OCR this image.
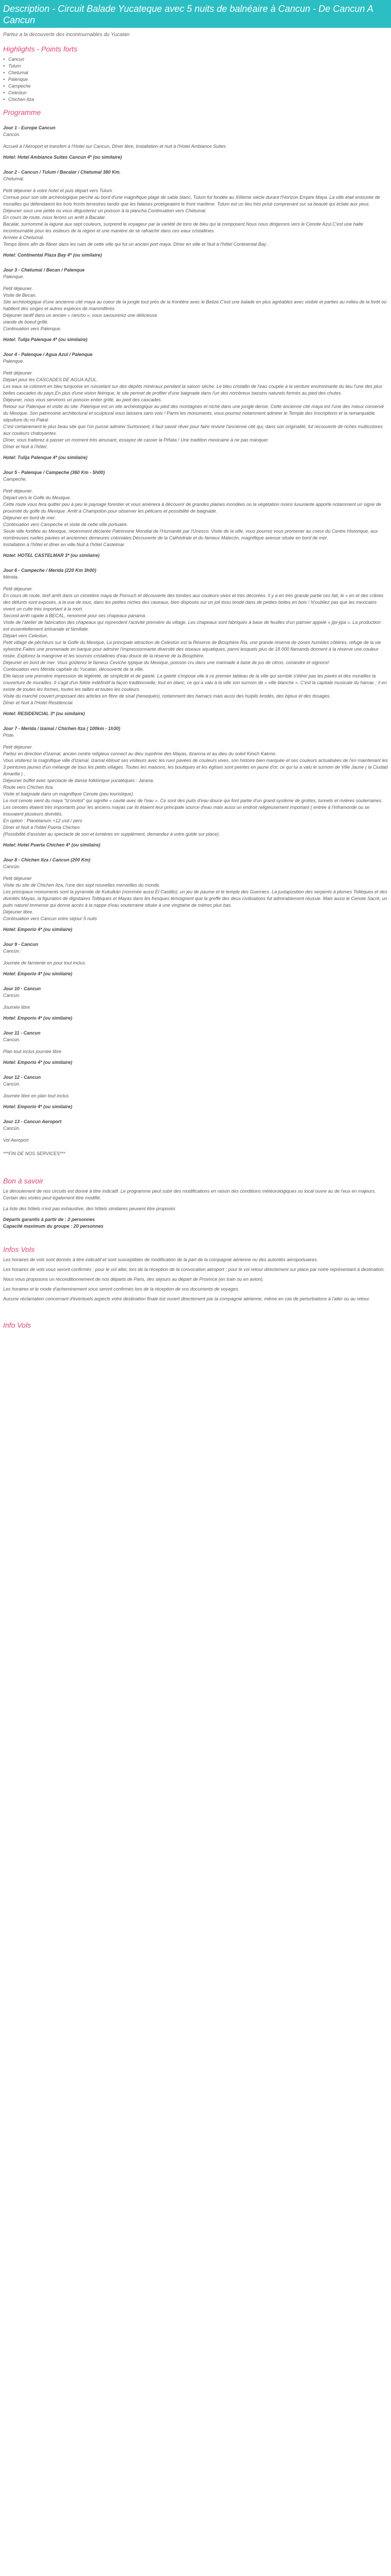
Description - Circuit Balade Yucateque avec 5 nuits de balnéaire à Cancun - De Cancun A Cancun
Partez a la decouverte des incontournables du Yucatan
Highlights - Points forts
• Cancun
• Tulum
• Chetumal
• Palenque
• Campeche
• Celestun
• Chichen Itza
Programme
Jour 1 - Europe Cancun
Cancún.

Accueil à l'Aéroport et transfert à l'Hotel sur Cancun, Dîner libre, Installation et nuit à l'Hotel Ambiance Suites

Hotel: Hotel Ambiance Suites Cancun 4* (ou similaire)
Jour 2 - Cancun / Tulum / Bacalar / Chetumal 380 Km.
Chetumal.

Petit déjeuner à votre hotel et puis départ vers Tulum.
Connue pour son site archéologique perché au bord d'une magnifique plage de sable blanc, Tulum fut fondée au XIIIème siècle durant l'Horizon Empire Maya. La ville était entourée de murailles qui défendaient les trois fronts terrestres tandis que les falaises protégeaient le front maritime. Tulum est un lieu très prisé comprenant sur sa beauté qui éclate aux yeux. Déjeuner sous une petite où vous dégusterez un poisson à la plancha.Continuation vers Chetumal.
En cours de route, nous ferons un arrêt à Bacalar.
Bacalar, surnommé la lagune aux sept couleurs, surprend le voyageur par la variété de tons de bleu qui la composent.Nous nous dirigerons vers le Cenote Azul.C'est une halte incontournable pour les visiteurs de la région et une manière de se rafraichir dans ces eaux cristallines.
Arrivée à Chetumal.
Temps libres afin de flâner dans les rues de cette ville qui fut un ancien port maya. Dîner en ville et Nuit à l'hôtel Continental Bay .

Hotel: Continental Plaza Bay 4* (ou similaire)
Jour 3 - Chetumal / Becan / Palenque
Palenque.

Petit déjeuner.
Visite de Becan.
Site archéologique d'une ancienne cité maya au coeur de la jungle tout près de la frontière avec le Belize.C'est une balade en plus agréables avec visible et parties au milieu de la forêt où habitent des singes et autres espèces de mammifères.
Déjeuner tardif dans un ancien « rancho », vous savourerez une délicieuse
viande de boeuf grillé.
Continuation vers Palenque.

Hotel: Tulija Palenque 4* (ou similaire)
Jour 4 - Palenque / Agua Azul / Palenque
Palenque.

Petit déjeuner.
Départ pour les CASCADES DE AGUA AZUL.
Les eaux se colorent en bleu turquoise en ruisselant sur des dépôts minéraux pendant la saison sèche. Le bleu cristallin de l'eau coupée à la verdure environnante du lieu l'une des plus belles cascades du pays.En plus d'une vision féérique, le site permet de profiter d'une baignade dans l'un des nombreux bassins naturels formés au pied des chutes.
Déjeuner, nous vous servirons un poisson entier grillé, au pied des cascades.
Retour sur Palenque et visite du site. Palenque est un site archéologique au pied des montagnes et niché dans une jungle dense. Cette ancienne cité maya est l'une des mieux conservé du Mexique. Son patrimoine architectural et sculptural vous laissera sans voix ! Parmi les monuments, vous pourrez notamment admirer le Temple des Inscriptions et la remarquable sépulture du roi Pakal.
C'est certainement le plus beau site que l'on puisse admirer.Surtonnent, il faut savoir rêver pour faire revivre l'ancienne cité qui, dans son originalité, fut recouverte de riches multicolores aux couleurs chatoyantes.
Dîner, vous traiterez à passer un moment très amusant, essayez de casser la Piñata ! Une tradition mexicaine à ne pas manquer.
Dîner et Nuit à l'hôtel.

Hotel: Tulija Palenque 4* (ou similaire)
Jour 5 - Palenque / Campeche (360 Km - 5h00)
Campeche.

Petit déjeuner.
Départ vers le Golfe du Mexique.
Cette route vous fera quitter peu à peu le paysage forestier et vous amènera à découvrir de grandes plaines inondées où la végétation moins luxuriante apporte notamment un signe de proximité du golfe du Mexique. Arrêt à Champoton pour observer les pélicans et possibilité de baignade.
Déjeuner en bord de mer.
Continuation vers Campeche et visite de cette ville portuaire.
Seule ville fortifiée au Mexique, récemment déclarée Patrimoine Mondial de l'Humanité par l'Unesco. Visite de la ville, vous pourrez vous promener au coeur du Centre Historique, aux nombreuses ruelles pavées et anciennes demeures coloniales.Découverte de la Cathédrale et du fameux Malecón, magnifique avenue située en bord de mer.
Installation à l'hôtel et dîner en ville.Nuit à l'hôtel Castelmar

Hotel: HOTEL CASTELMAR 3* (ou similaire)
Jour 6 - Campeche / Merida (220 Km 3h00)
Mérida.

Petit déjeuner.
En cours de route, bref arrêt dans un cimetière maya de Pomuch et découverte des tombes aux couleurs vives et très décorées. Il y a en très grande partie ces fait, le « en et des crânes des défunts sont exposés, à la vue de tous, dans les petites niches des caveaux, bien disposés sur un joli tissu brodé dans de petites boites en bois ! N'oubliez pas que les mexicains vivent un culte très important à la mort.
Second arrêt rapide à BECAL, renommé pour ses chapeaux panama.
Visite de l'atelier de fabrication des chapeaux qui reprendent l'activité première du village. Les chapeaux sont fabriqués à base de feuilles d'un palmier appelé « jipi-jipa ». La production est essentiellement artisanale et familiale.
Départ vers Celestun.
Petit village de pêcheurs sur le Golfe du Mexique, La principale attraction de Celestún est la Réserve de Biosphère Ria, une grande réserve de zones humides côtières, refuge de la vie sylvestre.Faites une promenade en barque pour admirer l'impressionnante diversité des oiseaux aquatiques, parmi lesquels plus de 18 000 flamands donnent à la réserve une couleur rosée. Explorez la mangrove et les sources cristallines d'eau douce de la réserve de la Biosphère.
Déjeuner en bord de mer. Vous goûterez le fameux Ceviche typique du Mexique, poisson cru dans une marinade à base de jus de citron, coriandre et oignons!
Continuation vers Mérida capitale du Yucatan, découverte de la ville.
Elle laisse une première impression de légèreté, de simplicité et de gaieté. La gaieté s'impose vite à ce premier tableau de la ville qui semble s'étirer pas les pavés et des murailles la couverture de murailles. Il s'agit d'un fidèle indéfinitif la façon traditionnelle, tout en blanc, ce qui a valu à la ville son surnom de « ville blanche ». C'est la capitale musicale du hamac ; il en existe de toutes les formes, toutes les tailles et toutes les couleurs.
Visite du marché couvert proposant des articles en fibre de sisal (henequén), notamment des hamacs mais aussi des huipils brodés, des bijoux et des tissages.
Dîner et Nuit à l'Hotel Residencial.

Hotel: RESIDENCIAL 3* (ou similaire)
Jour 7 - Merida / Izamal / Chichen Itza ( 100km - 1h30)
Piste.

Petit déjeuner.
Partez en direction d'Izamal, ancien centre religieux connect au dieu suprême des Mayas, Itzamna et au dieu du soleil Kinich Kakmo.
Vous visiterez la magnifique ville d'Izamal. Izamal éblouit ses visiteurs avec les rues pavées de couleurs vives, son histoire bien marquée et ses couleurs actualisées de l'en maintenant les 3 peintures jaunes d'un mélange de tous les petits villages. Toutes les maisons, les boutiques et les églises sont peintes en jaune d'or, ce qui lui a valu le surnom de Ville Jaune ( la Ciudad Amarilla ) .
Déjeuner buffet avec spectacle de danse folklorique yucatèques : Jarana.
Route vers Chichen Itza.
Visite et baignade dans un magnifique Cenote (peu touristique).
Le mot cenote vient du maya "tz'onotot" qui signifie « cavité avec de l'eau ». Ce sont des puits d'eau douce qui font partie d'un grand système de grottes, tunnels et rivières souterraines. Les cenotes étaient très importants pour les anciens mayas car ils étaient leur principale source d'eau mais aussi un endroit religieusement important ( entrée à l'inframonde ou se trouvaient plusieurs divinités.
En option : Planétarium +12 usd / pers
Dîner et Nuit à l'hôtel Puerta Chichen.
(Possibilité d'assister au spectacle de son et lumières en supplément, demandez à votre guide sur place).

Hotel: Hotel Puerta Chichen 4* (ou similaire)
Jour 8 - Chichen Itza / Cancun (200 Km)
Cancún.

Petit déjeuner
Visite du site de Chichen Itza, l'une des sept nouvelles merveilles du monde.
Les principaux monuments sont la pyramide de Kukulkán (nommée aussi El Castillo), un jeu de paume et le temple des Guerriers. La juxtaposition des serpents à plumes Toltèques et des divinités Mayas, la figuration de dignitaires Toltèques et Mayas dans les fresques témoignent que la greffe des deux civilisations fut admirablement réussie. Mais aussi le Cenote Sacré, un puits naturel immense qui donne accès à la nappe d'eau souterraine située à une vingtaine de mètres plus bas.
Déjeuner libre.
Continuation vers Cancun votre séjour 5 nuits

Hotel: Emporio 4* (ou similaire)
Jour 9 - Cancun
Cancún.

Journée de farniente en pour tout inclus.

Hotel: Emporio 4* (ou similaire)
Jour 10 - Cancun
Cancún.

Journée libre

Hotel: Emporio 4* (ou similaire)
Jour 11 - Cancun
Cancún.

Plan tout inclus journée libre

Hotel: Emporio 4* (ou similaire)
Jour 12 - Cancun
Cancún.

Journée libre en plan tout inclus

Hotel: Emporio 4* (ou similaire)
Jour 13 - Cancun Aeroport
Cancún.

Vol Aeroport

***FIN DE NOS SERVICES***

Bon à savoir

Le déroulement de nos circuits est donné à titre indicatif. Le programme peut subir des modifications en raison des conditions météorologiques ou local ouvre au de l'eux en majeurs. Certain des visites peut également être modifié.

La liste des hôtels n'est pas exhaustive, des hôtels similaires peuvent être proposés

Départs garantis à partir de : 2 personnes
Capacité maximum du groupe : 20 personnes
Infos Vols

Les horaires de vols sont donnés à titre indicatif et sont susceptibles de modification de la part de la compagnie aérienne ou des autorités aéroportuaires.

Les horaires de vols vous seront confirmés : pour le vol aller, lors de la réception de la convocation aéroport ; pour le vol retour directement sur place par notre représentant à destination.

Nous vous proposons un reconditionnement de nos départs de Paris, des séjours au départ de Province (en train ou en avion).

Les horaires et le mode d'acheminement vous seront confirmés lors de la réception de vos documents de voyages.

Aucune réclamation concernant d'éventuels aspects votre destination finale est ouvert directement par la compagnie aérienne, même en cas de perturbations à l'aller ou au retour.

Info Vols
